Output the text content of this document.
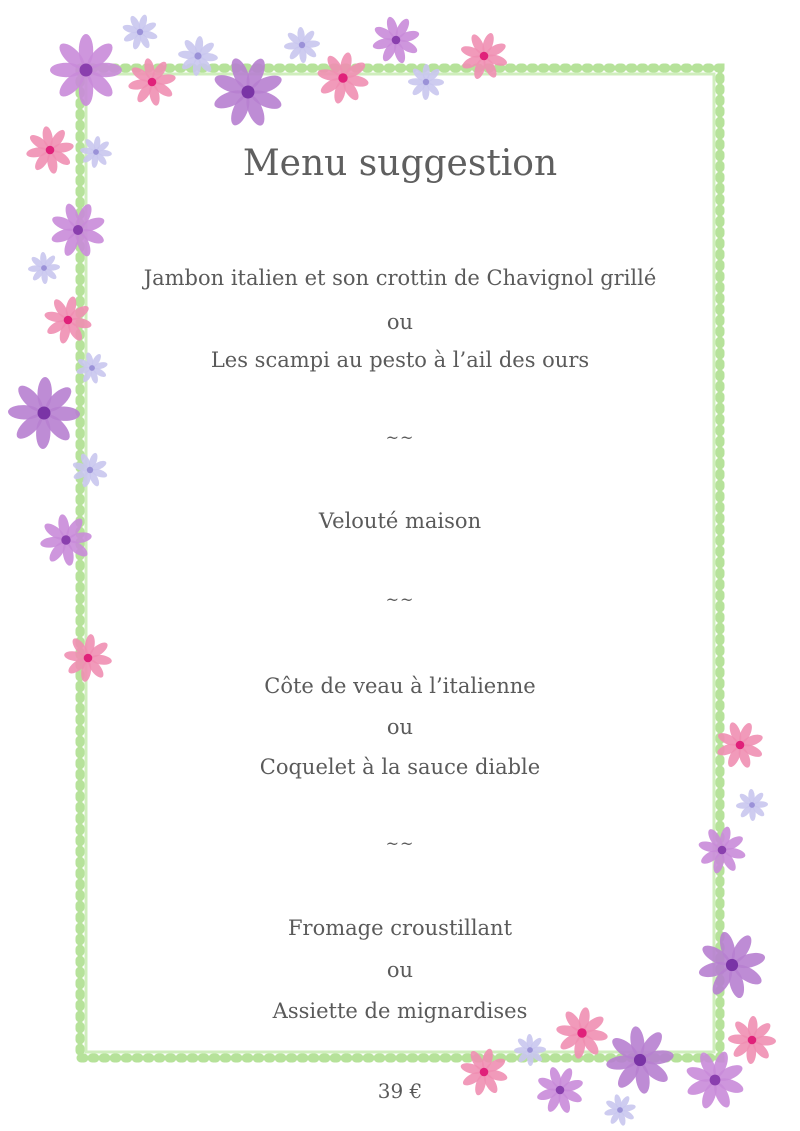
Menu suggestion
Jambon italien et son crottin de Chavignol grillé
ou
Les scampi au pesto à l’ail des ours
~~
Velouté maison
~~
Côte de veau à l’italienne
ou
Coquelet à la sauce diable
~~
Fromage croustillant
ou
Assiette de mignardises
39 €
